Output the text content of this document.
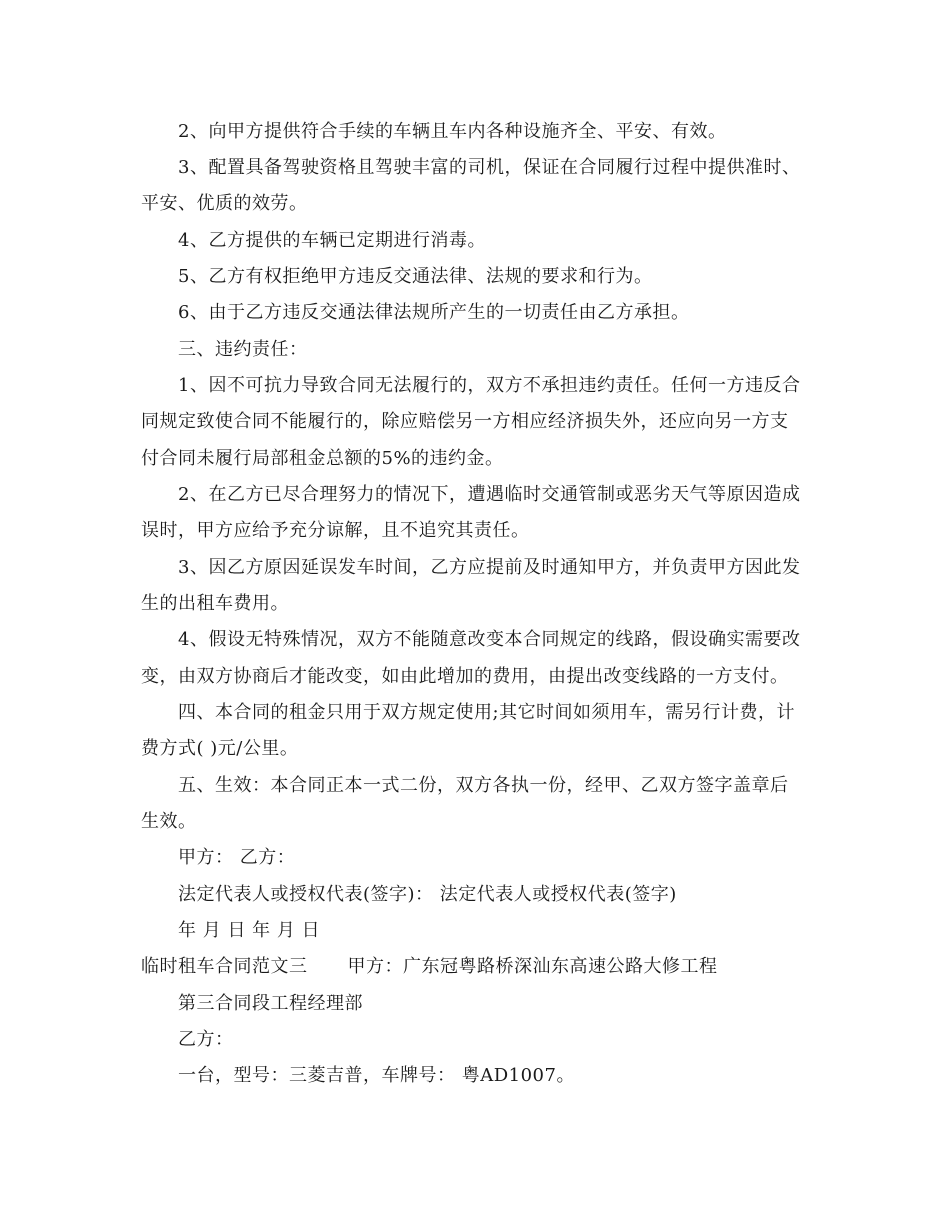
2、向甲方提供符合手续的车辆且车内各种设施齐全、平安、有效。
3、配置具备驾驶资格且驾驶丰富的司机，保证在合同履行过程中提供准时、
平安、优质的效劳。
4、乙方提供的车辆已定期进行消毒。
5、乙方有权拒绝甲方违反交通法律、法规的要求和行为。
6、由于乙方违反交通法律法规所产生的一切责任由乙方承担。
三、违约责任：
1、因不可抗力导致合同无法履行的，双方不承担违约责任。任何一方违反合
同规定致使合同不能履行的，除应赔偿另一方相应经济损失外，还应向另一方支
付合同未履行局部租金总额的5%的违约金。
2、在乙方已尽合理努力的情况下，遭遇临时交通管制或恶劣天气等原因造成
误时，甲方应给予充分谅解，且不追究其责任。
3、因乙方原因延误发车时间，乙方应提前及时通知甲方，并负责甲方因此发
生的出租车费用。
4、假设无特殊情况，双方不能随意改变本合同规定的线路，假设确实需要改
变，由双方协商后才能改变，如由此增加的费用，由提出改变线路的一方支付。
四、本合同的租金只用于双方规定使用;其它时间如须用车，需另行计费，计
费方式( )元/公里。
五、生效：本合同正本一式二份，双方各执一份，经甲、乙双方签字盖章后
生效。
甲方： 乙方：
法定代表人或授权代表(签字)： 法定代表人或授权代表(签字)
年 月 日 年 月 日
临时租车合同范文三 甲方：广东冠粤路桥深汕东高速公路大修工程
第三合同段工程经理部
乙方：
一台，型号：三菱吉普，车牌号： 粤AD1007。
